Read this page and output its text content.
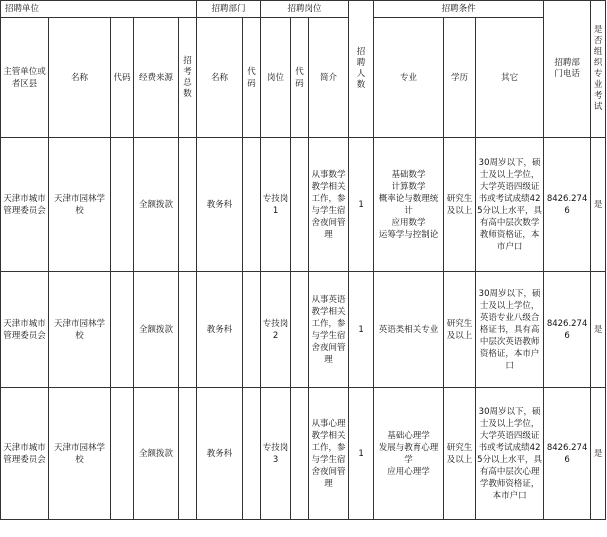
招聘单位					招聘部门		招聘岗位			招聘人数	招聘条件			招聘部门电话	是否组织专业考试
主管单位或者区县	名称	代码	经费来源	招考总数	名称	代码	岗位	代码	简介		专业	学历	其它		
天津市城市管理委员会	天津市园林学校		全额拨款		教务科		专技岗1		从事数学教学相关工作，参与学生宿舍夜间管理	1	基础数学
计算数学
概率论与数理统计
应用数学
运筹学与控制论	研究生及以上	30周岁以下，硕士及以上学位，大学英语四级证书或考试成绩425分以上水平，具有高中层次数学教师资格证，本市户口	8426.2746	是
天津市城市管理委员会	天津市园林学校		全额拨款		教务科		专技岗2		从事英语教学相关工作，参与学生宿舍夜间管理	1	英语类相关专业	研究生及以上	30周岁以下，硕士及以上学位，英语专业八级合格证书，具有高中层次英语教师资格证，本市户口	8426.2746	是
天津市城市管理委员会	天津市园林学校		全额拨款		教务科		专技岗3		从事心理教学相关工作，参与学生宿舍夜间管理	1	基础心理学
发展与教育心理学
应用心理学	研究生及以上	30周岁以下，硕士及以上学位，大学英语四级证书或考试成绩425分以上水平，具有高中层次心理学教师资格证，本市户口	8426.2746	是
